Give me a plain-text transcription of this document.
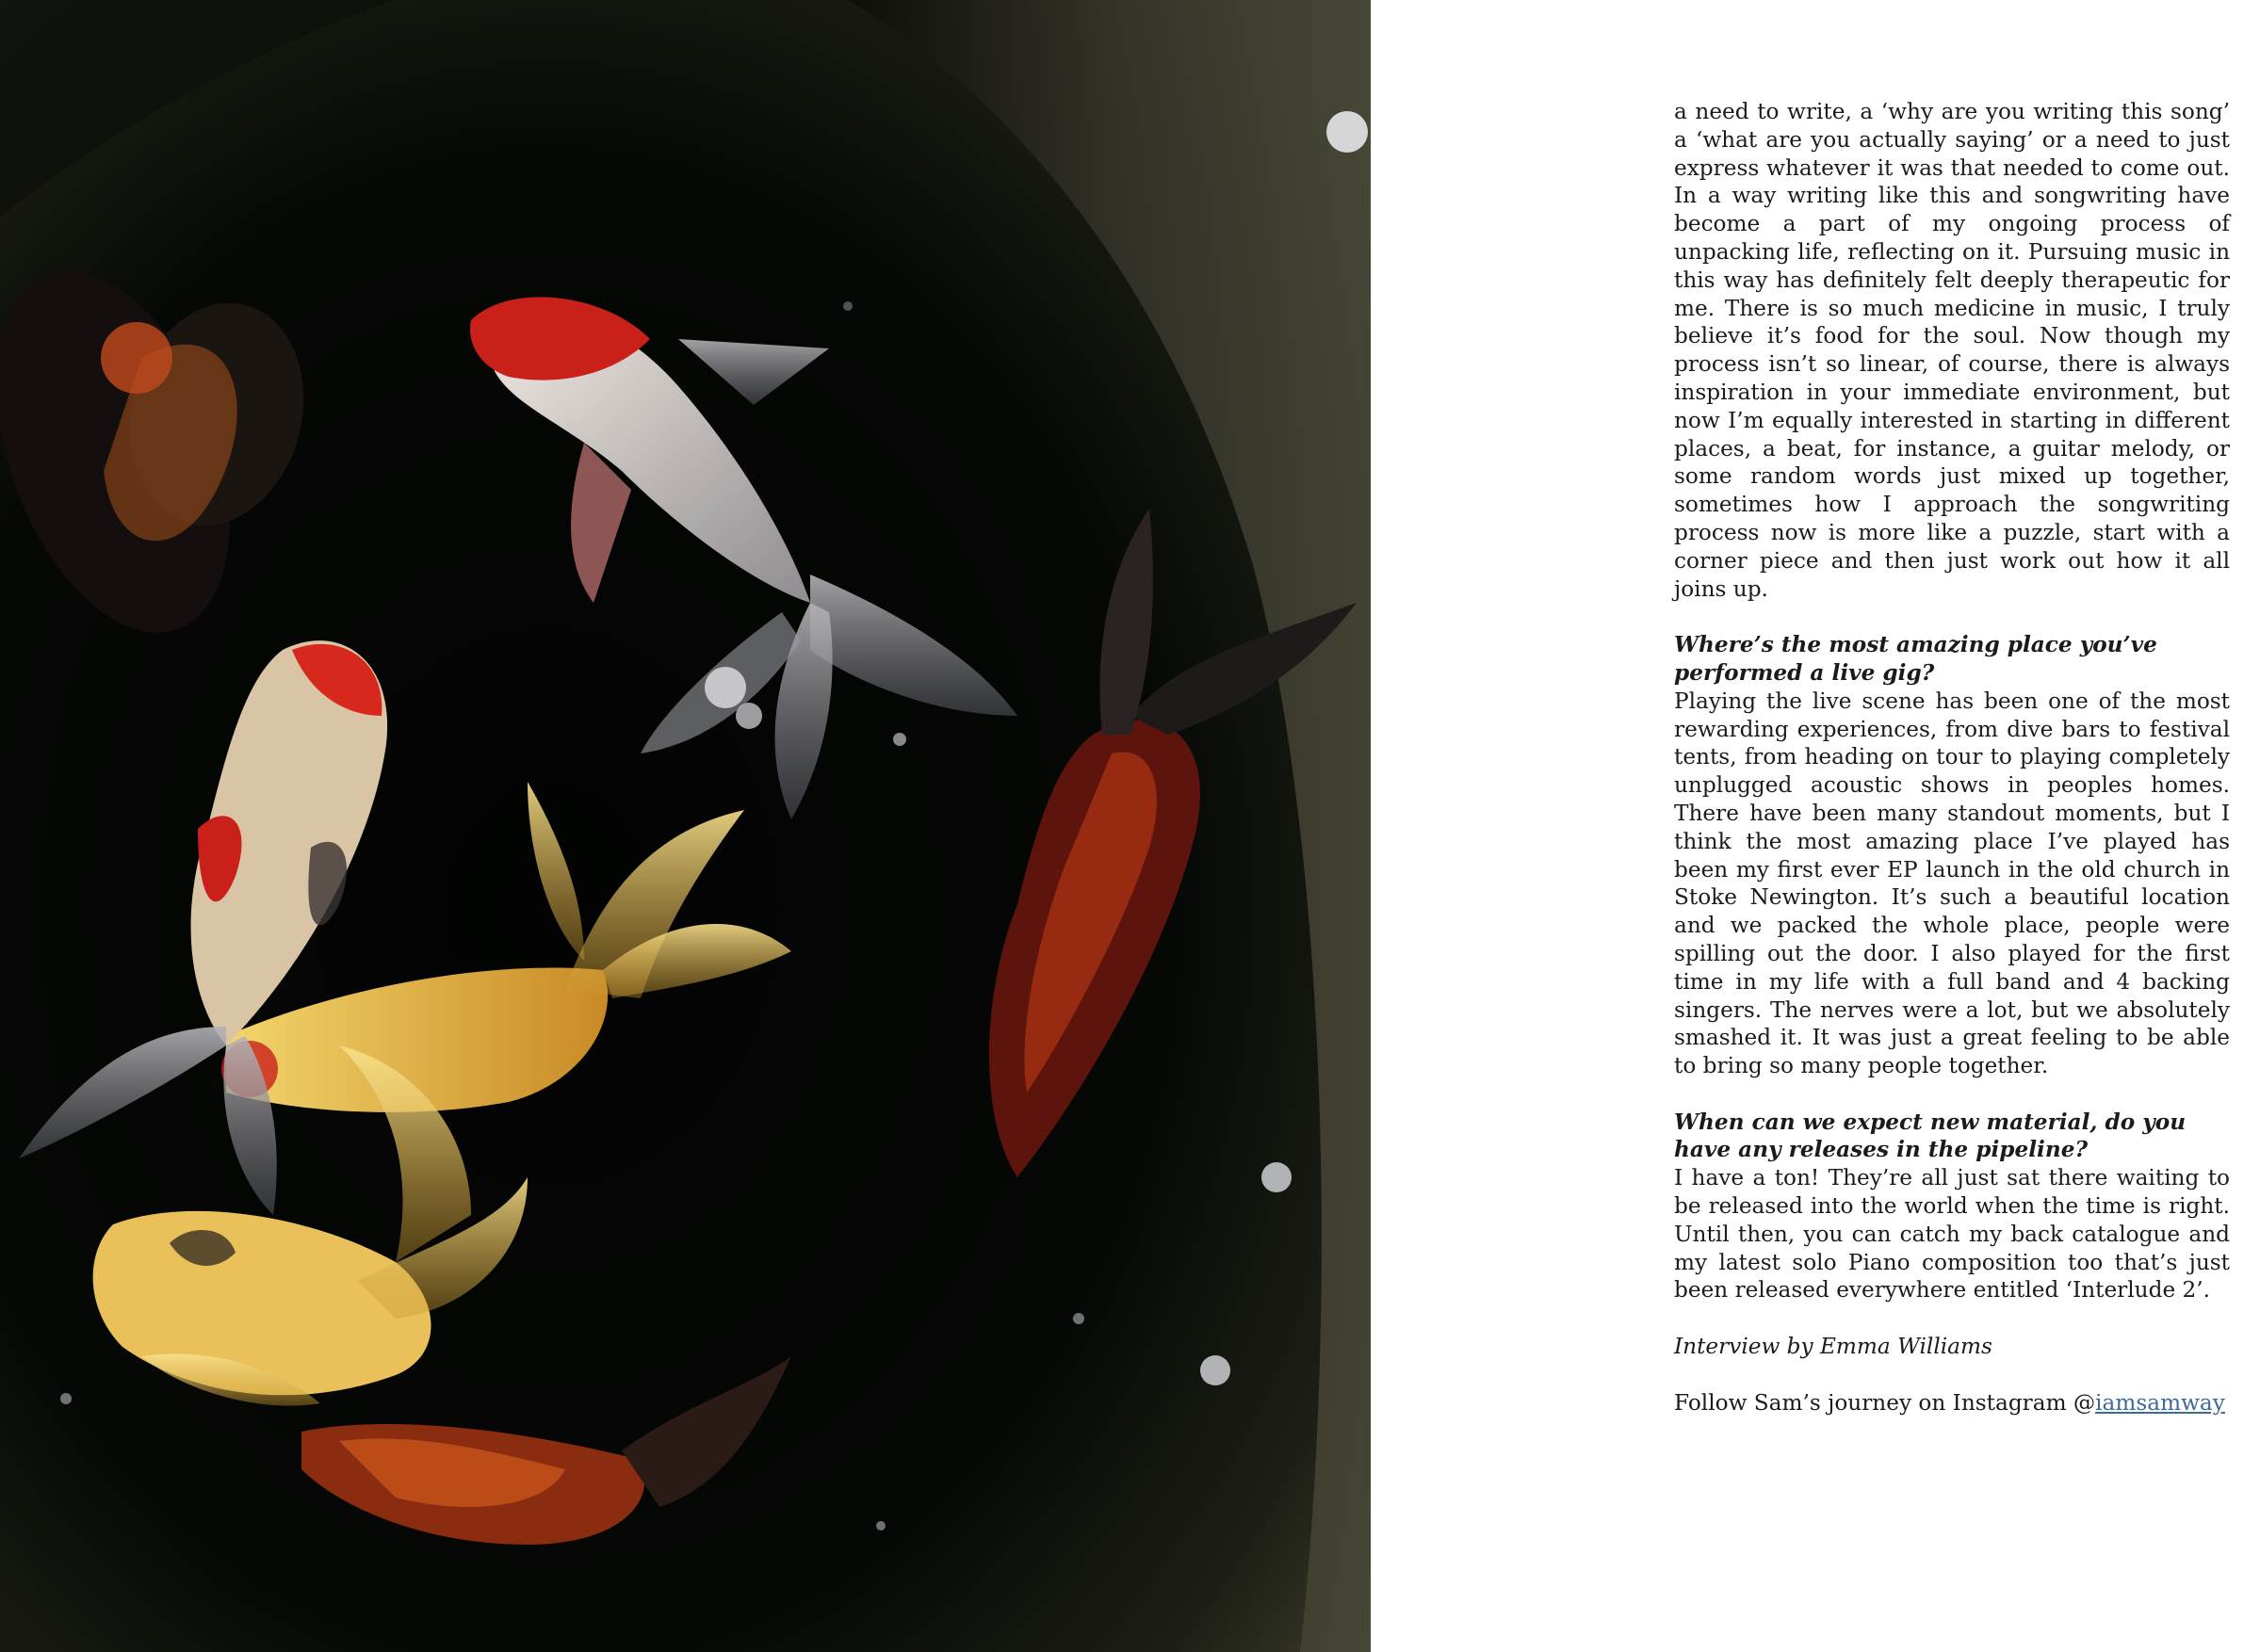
a need to write, a ‘why are you writing this song’ a ‘what are you actually saying’ or a need to just express whatever it was that needed to come out. In a way writing like this and songwriting have become a part of my ongoing process of unpacking life, reflecting on it. Pursuing music in this way has definitely felt deeply therapeutic for me. There is so much medicine in music, I truly believe it’s food for the soul. Now though my process isn’t so linear, of course, there is always inspiration in your immediate environment, but now I’m equally interested in starting in different places, a beat, for instance, a guitar melody, or some random words just mixed up together, sometimes how I approach the songwriting process now is more like a puzzle, start with a corner piece and then just work out how it all joins up.

Where’s the most amazing place you’ve performed a live gig?

Playing the live scene has been one of the most rewarding experiences, from dive bars to festival tents, from heading on tour to playing completely unplugged acoustic shows in peoples homes. There have been many standout moments, but I think the most amazing place I’ve played has been my first ever EP launch in the old church in Stoke Newington. It’s such a beautiful location and we packed the whole place, people were spilling out the door. I also played for the first time in my life with a full band and 4 backing singers. The nerves were a lot, but we absolutely smashed it. It was just a great feeling to be able to bring so many people together.

When can we expect new material, do you have any releases in the pipeline?

I have a ton! They’re all just sat there waiting to be released into the world when the time is right. Until then, you can catch my back catalogue and my latest solo Piano composition too that’s just been released everywhere entitled ‘Interlude 2’.

Interview by Emma Williams

Follow Sam’s journey on Instagram @iamsamway
